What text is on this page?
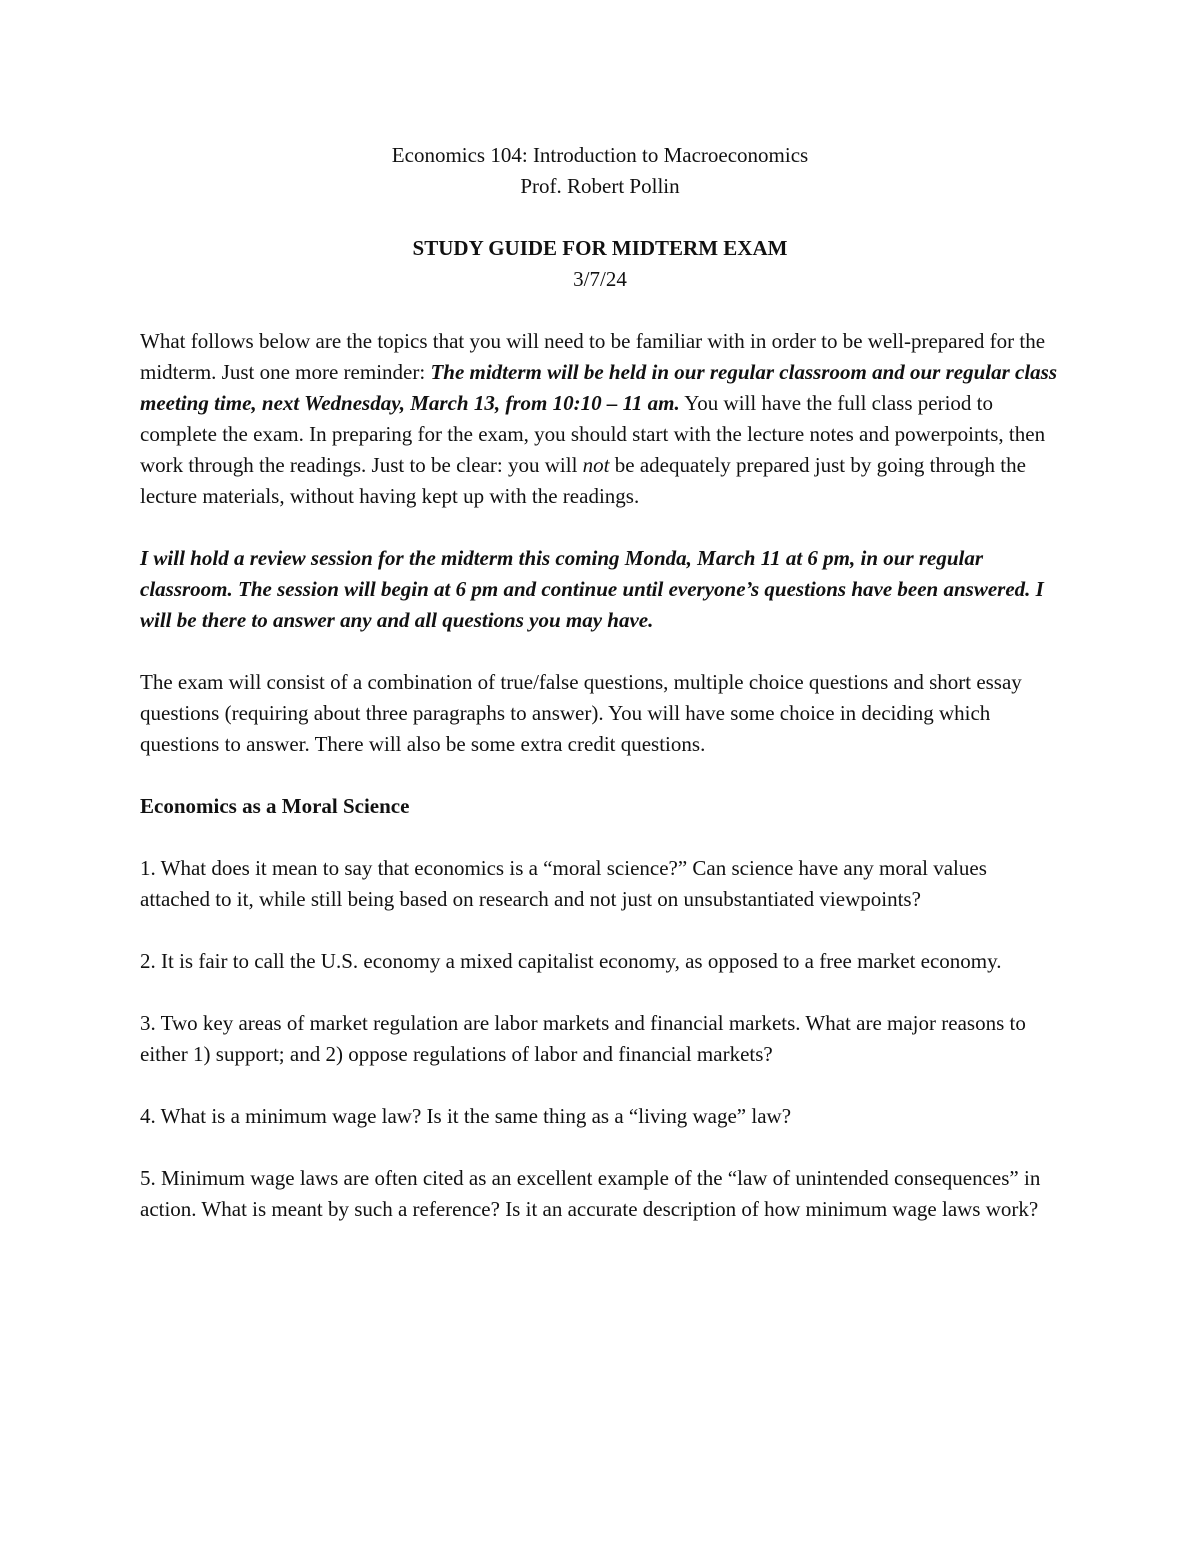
Economics 104: Introduction to Macroeconomics

Prof. Robert Pollin

STUDY GUIDE FOR MIDTERM EXAM

3/7/24

What follows below are the topics that you will need to be familiar with in order to be well-prepared for the midterm. Just one more reminder: The midterm will be held in our regular classroom and our regular class meeting time, next Wednesday, March 13, from 10:10 – 11 am. You will have the full class period to complete the exam. In preparing for the exam, you should start with the lecture notes and powerpoints, then work through the readings. Just to be clear: you will not be adequately prepared just by going through the lecture materials, without having kept up with the readings.

I will hold a review session for the midterm this coming Monda, March 11 at 6 pm, in our regular classroom. The session will begin at 6 pm and continue until everyone’s questions have been answered. I will be there to answer any and all questions you may have.

The exam will consist of a combination of true/false questions, multiple choice questions and short essay questions (requiring about three paragraphs to answer). You will have some choice in deciding which questions to answer. There will also be some extra credit questions.

Economics as a Moral Science

1. What does it mean to say that economics is a “moral science?” Can science have any moral values attached to it, while still being based on research and not just on unsubstantiated viewpoints?

2. It is fair to call the U.S. economy a mixed capitalist economy, as opposed to a free market economy.

3. Two key areas of market regulation are labor markets and financial markets. What are major reasons to either 1) support; and 2) oppose regulations of labor and financial markets?

4. What is a minimum wage law? Is it the same thing as a “living wage” law?

5. Minimum wage laws are often cited as an excellent example of the “law of unintended consequences” in action. What is meant by such a reference? Is it an accurate description of how minimum wage laws work?
